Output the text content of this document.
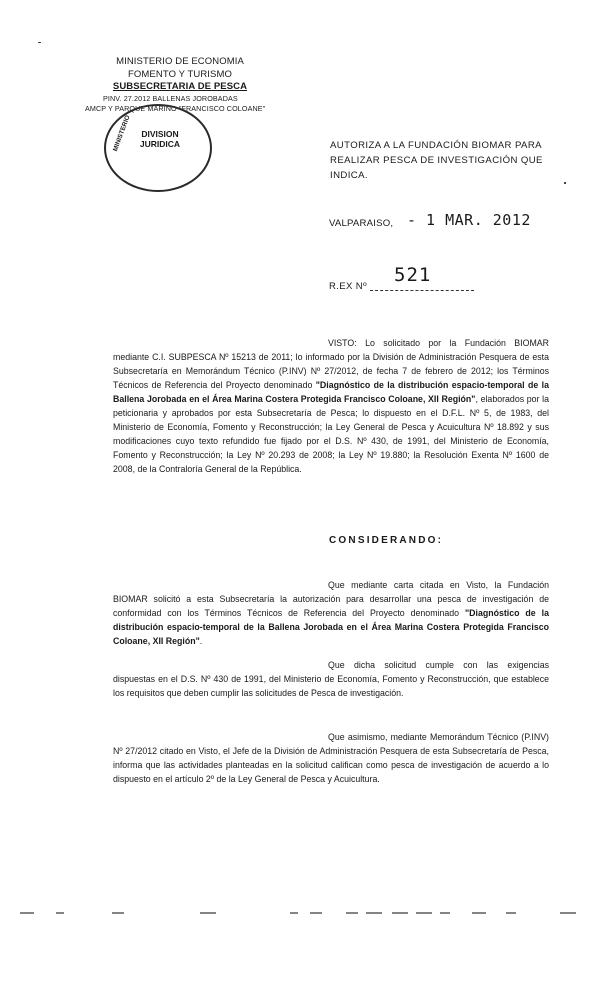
MINISTERIO DE ECONOMIA
FOMENTO Y TURISMO
SUBSECRETARIA DE PESCA
PINV. 27.2012 BALLENAS JOROBADAS
AMCP Y PARQUE MARINO "FRANCISCO COLOANE"
DIVISION
JURIDICA
MINISTERIO	AUTORIZA A LA FUNDACIÓN BIOMAR PARA
REALIZAR PESCA DE INVESTIGACIÓN QUE INDICA.
VALPARAISO, - 1 MAR. 2012
R.EX Nº
521
VISTO: Lo solicitado por la Fundación BIOMAR mediante C.I. SUBPESCA Nº 15213 de 2011; lo informado por la División de Administración Pesquera de esta Subsecretaría en Memorándum Técnico (P.INV) Nº 27/2012, de fecha 7 de febrero de 2012; los Términos Técnicos de Referencia del Proyecto denominado "Diagnóstico de la distribución espacio-temporal de la Ballena Jorobada en el Área Marina Costera Protegida Francisco Coloane, XII Región", elaborados por la peticionaria y aprobados por esta Subsecretaría de Pesca; lo dispuesto en el D.F.L. Nº 5, de 1983, del Ministerio de Economía, Fomento y Reconstrucción; la Ley General de Pesca y Acuicultura Nº 18.892 y sus modificaciones cuyo texto refundido fue fijado por el D.S. Nº 430, de 1991, del Ministerio de Economía, Fomento y Reconstrucción; la Ley Nº 20.293 de 2008; la Ley Nº 19.880; la Resolución Exenta Nº 1600 de 2008, de la Contraloría General de la República.
CONSIDERANDO:
Que mediante carta citada en Visto, la Fundación BIOMAR solicitó a esta Subsecretaría la autorización para desarrollar una pesca de investigación de conformidad con los Términos Técnicos de Referencia del Proyecto denominado "Diagnóstico de la distribución espacio-temporal de la Ballena Jorobada en el Área Marina Costera Protegida Francisco Coloane, XII Región".
Que dicha solicitud cumple con las exigencias dispuestas en el D.S. Nº 430 de 1991, del Ministerio de Economía, Fomento y Reconstrucción, que establece los requisitos que deben cumplir las solicitudes de Pesca de investigación.
Que asimismo, mediante Memorándum Técnico (P.INV) Nº 27/2012 citado en Visto, el Jefe de la División de Administración Pesquera de esta Subsecretaría de Pesca, informa que las actividades planteadas en la solicitud califican como pesca de investigación de acuerdo a lo dispuesto en el artículo 2º de la Ley General de Pesca y Acuicultura.
